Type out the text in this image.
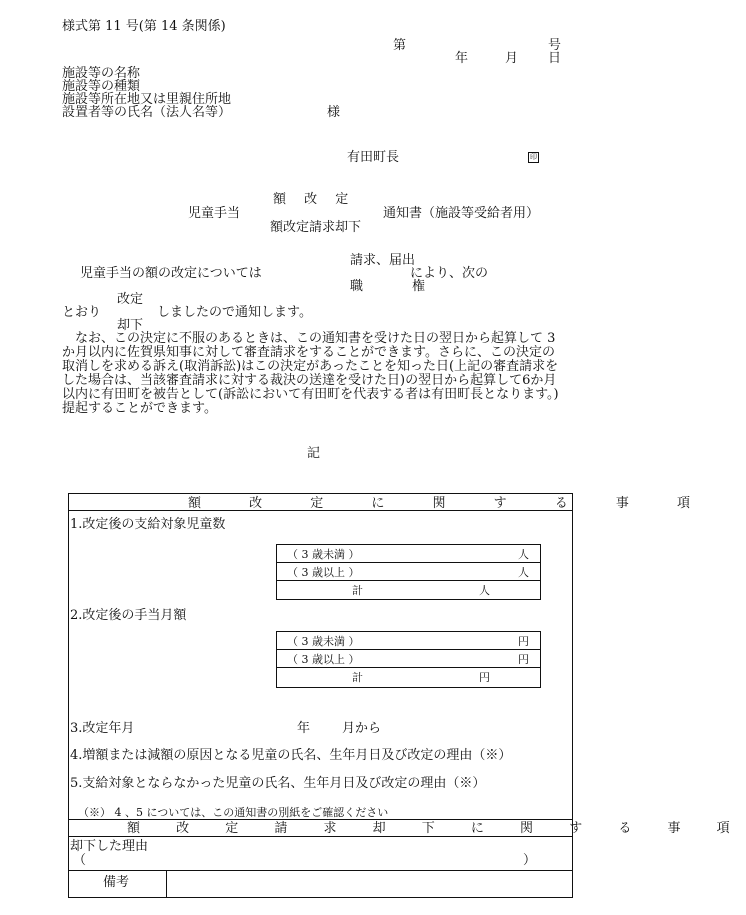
様式第 11 号(第 14 条関係)
第	号
年	月 日
施設等の名称
施設等の種類
施設等所在地又は里親住所地
設置者等の氏名（法人名等）	様
有田町長	印
額 改 定
児童手当	通知書（施設等受給者用）
額改定請求却下
請求、届出
児童手当の額の改定については	により、次の
職	権
改定
とおり	しましたので通知します。
却下
　なお、この決定に不服のあるときは、この通知書を受けた日の翌日から起算して 3 か月以内に佐賀県知事に対して審査請求をすることができます。さらに、この決定の取消しを求める訴え(取消訴訟)はこの決定があったことを知った日(上記の審査請求をした場合は、当該審査請求に対する裁決の送達を受けた日)の翌日から起算して6か月以内に有田町を被告として(訴訟において有田町を代表する者は有田町長となります。)提起することができます。
記
額 改 定 に 関 す る 事 項
1.改定後の支給対象児童数
（ 3 歳未満 ）	人
（ 3 歳以上 ）	人
計	人
2.改定後の手当月額
（ 3 歳未満 ）	円
（ 3 歳以上 ）	円
計	円
3.改定年月	年 月から
4.増額または減額の原因となる児童の氏名、生年月日及び改定の理由（※）
5.支給対象とならなかった児童の氏名、生年月日及び改定の理由（※）
（※） 4 、5 については、この通知書の別紙をご確認ください
額 改 定 請 求 却 下 に 関 す る 事 項
却下した理由
（	）
備考
